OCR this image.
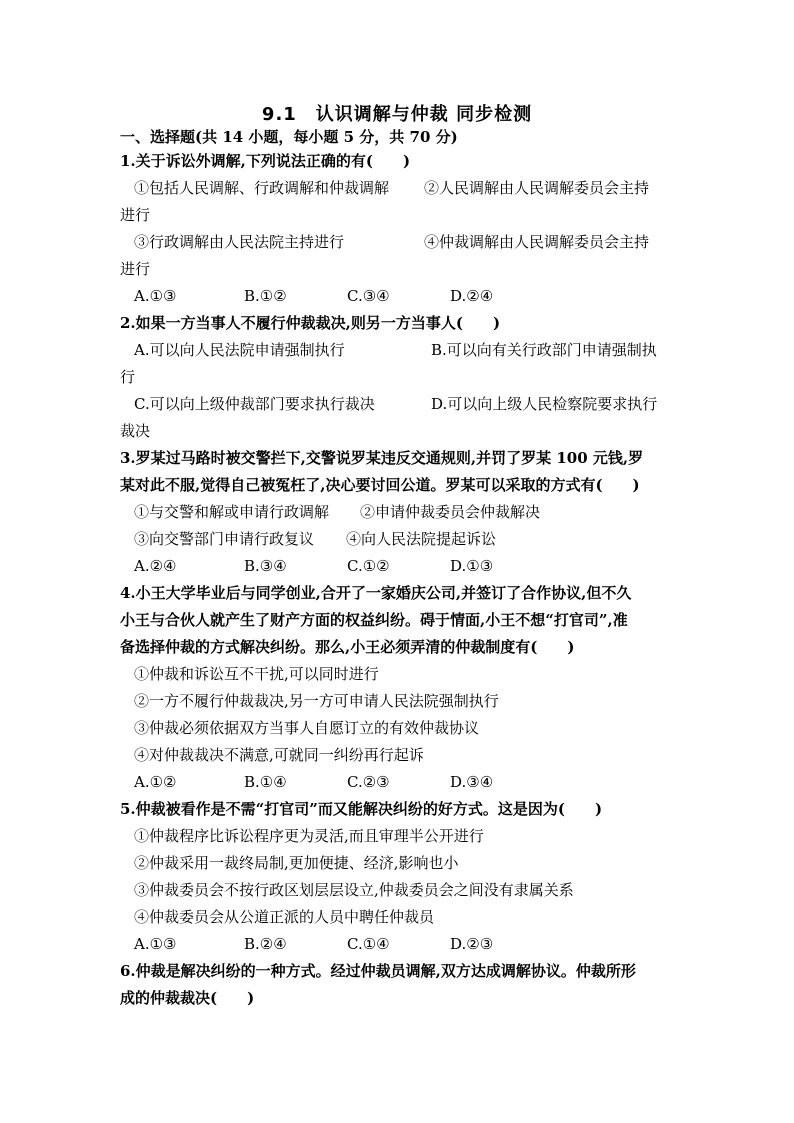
9.1　认识调解与仲裁 同步检测
一、选择题(共 14 小题，每小题 5 分，共 70 分)
1.关于诉讼外调解,下列说法正确的有(　　)
①包括人民调解、行政调解和仲裁调解 ②人民调解由人民调解委员会主持
进行
③行政调解由人民法院主持进行	④仲裁调解由人民调解委员会主持
进行
A.①③	B.①②	C.③④	D.②④
2.如果一方当事人不履行仲裁裁决,则另一方当事人(　　)
A.可以向人民法院申请强制执行	B.可以向有关行政部门申请强制执
行
C.可以向上级仲裁部门要求执行裁决	D.可以向上级人民检察院要求执行
裁决
3.罗某过马路时被交警拦下,交警说罗某违反交通规则,并罚了罗某 100 元钱,罗
某对此不服,觉得自己被冤枉了,决心要讨回公道。罗某可以采取的方式有(　　)
①与交警和解或申请行政调解 ②申请仲裁委员会仲裁解决
③向交警部门申请行政复议 ④向人民法院提起诉讼
A.②④	B.③④	C.①②	D.①③
4.小王大学毕业后与同学创业,合开了一家婚庆公司,并签订了合作协议,但不久
小王与合伙人就产生了财产方面的权益纠纷。碍于情面,小王不想“打官司”,准
备选择仲裁的方式解决纠纷。那么,小王必须弄清的仲裁制度有(　　)
①仲裁和诉讼互不干扰,可以同时进行
②一方不履行仲裁裁决,另一方可申请人民法院强制执行
③仲裁必须依据双方当事人自愿订立的有效仲裁协议
④对仲裁裁决不满意,可就同一纠纷再行起诉
A.①②	B.①④	C.②③	D.③④
5.仲裁被看作是不需“打官司”而又能解决纠纷的好方式。这是因为(　　)
①仲裁程序比诉讼程序更为灵活,而且审理半公开进行
②仲裁采用一裁终局制,更加便捷、经济,影响也小
③仲裁委员会不按行政区划层层设立,仲裁委员会之间没有隶属关系
④仲裁委员会从公道正派的人员中聘任仲裁员
A.①③	B.②④	C.①④	D.②③
6.仲裁是解决纠纷的一种方式。经过仲裁员调解,双方达成调解协议。仲裁所形
成的仲裁裁决(　　)
